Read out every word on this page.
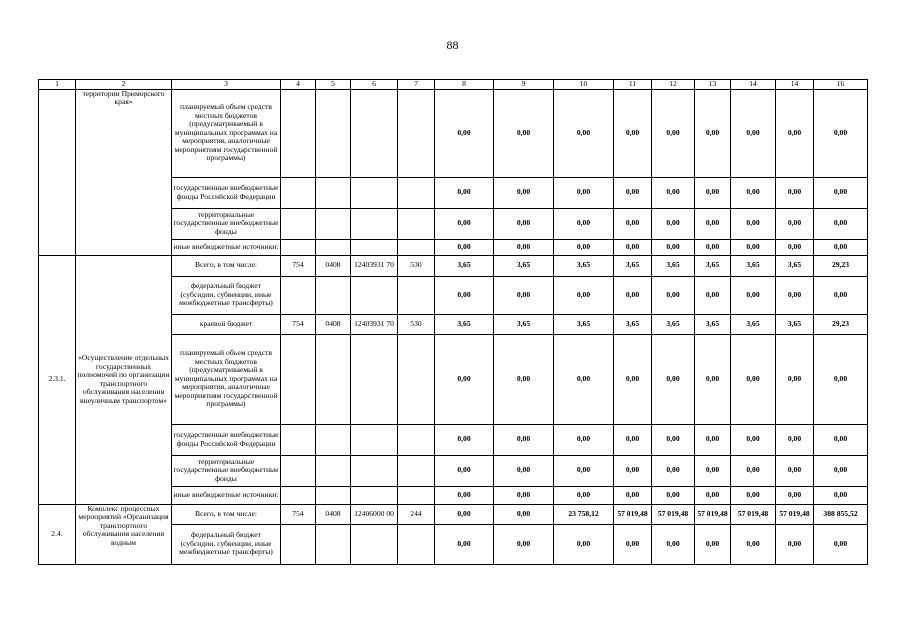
88
1	2	3	4	5	6	7	8	9	10	11	12	13	14	14	16
	территории Приморского края»	планируемый объем средств местных бюджетов (предусматриваемый в муниципальных программах на мероприятия, аналогичные мероприятиям государственной программы)					0,00	0,00	0,00	0,00	0,00	0,00	0,00	0,00	0,00
		государственные внебюджетные фонды Российской Федерации					0,00	0,00	0,00	0,00	0,00	0,00	0,00	0,00	0,00
		территориальные государственные внебюджетные фонды					0,00	0,00	0,00	0,00	0,00	0,00	0,00	0,00	0,00
		иные внебюджетные источники:					0,00	0,00	0,00	0,00	0,00	0,00	0,00	0,00	0,00
2.3.1.	«Осуществление отдельных государственных полномочий по организации транспортного обслуживания населения внеуличным транспортом»	Всего, в том числе:	754	0408	12403931 70	530	3,65	3,65	3,65	3,65	3,65	3,65	3,65	3,65	29,23
		федеральный бюджет (субсидии, субвенции, иные межбюджетные трансферты)					0,00	0,00	0,00	0,00	0,00	0,00	0,00	0,00	0,00
		краевой бюджет	754	0408	12403931 70	530	3,65	3,65	3,65	3,65	3,65	3,65	3,65	3,65	29,23
		планируемый объем средств местных бюджетов (предусматриваемый в муниципальных программах на мероприятия, аналогичные мероприятиям государственной программы)					0,00	0,00	0,00	0,00	0,00	0,00	0,00	0,00	0,00
		государственные внебюджетные фонды Российской Федерации					0,00	0,00	0,00	0,00	0,00	0,00	0,00	0,00	0,00
		территориальные государственные внебюджетные фонды					0,00	0,00	0,00	0,00	0,00	0,00	0,00	0,00	0,00
		иные внебюджетные источники:					0,00	0,00	0,00	0,00	0,00	0,00	0,00	0,00	0,00
2.4.	Комплекс процессных мероприятий «Организация транспортного обслуживания населения водным	Всего, в том числе:	754	0408	12406000 00	244	0,00	0,00	23 758,12	57 019,48	57 019,48	57 019,48	57 019,48	57 019,48	308 855,52
		федеральный бюджет (субсидии, субвенции, иные межбюджетные трансферты)					0,00	0,00	0,00	0,00	0,00	0,00	0,00	0,00	0,00
